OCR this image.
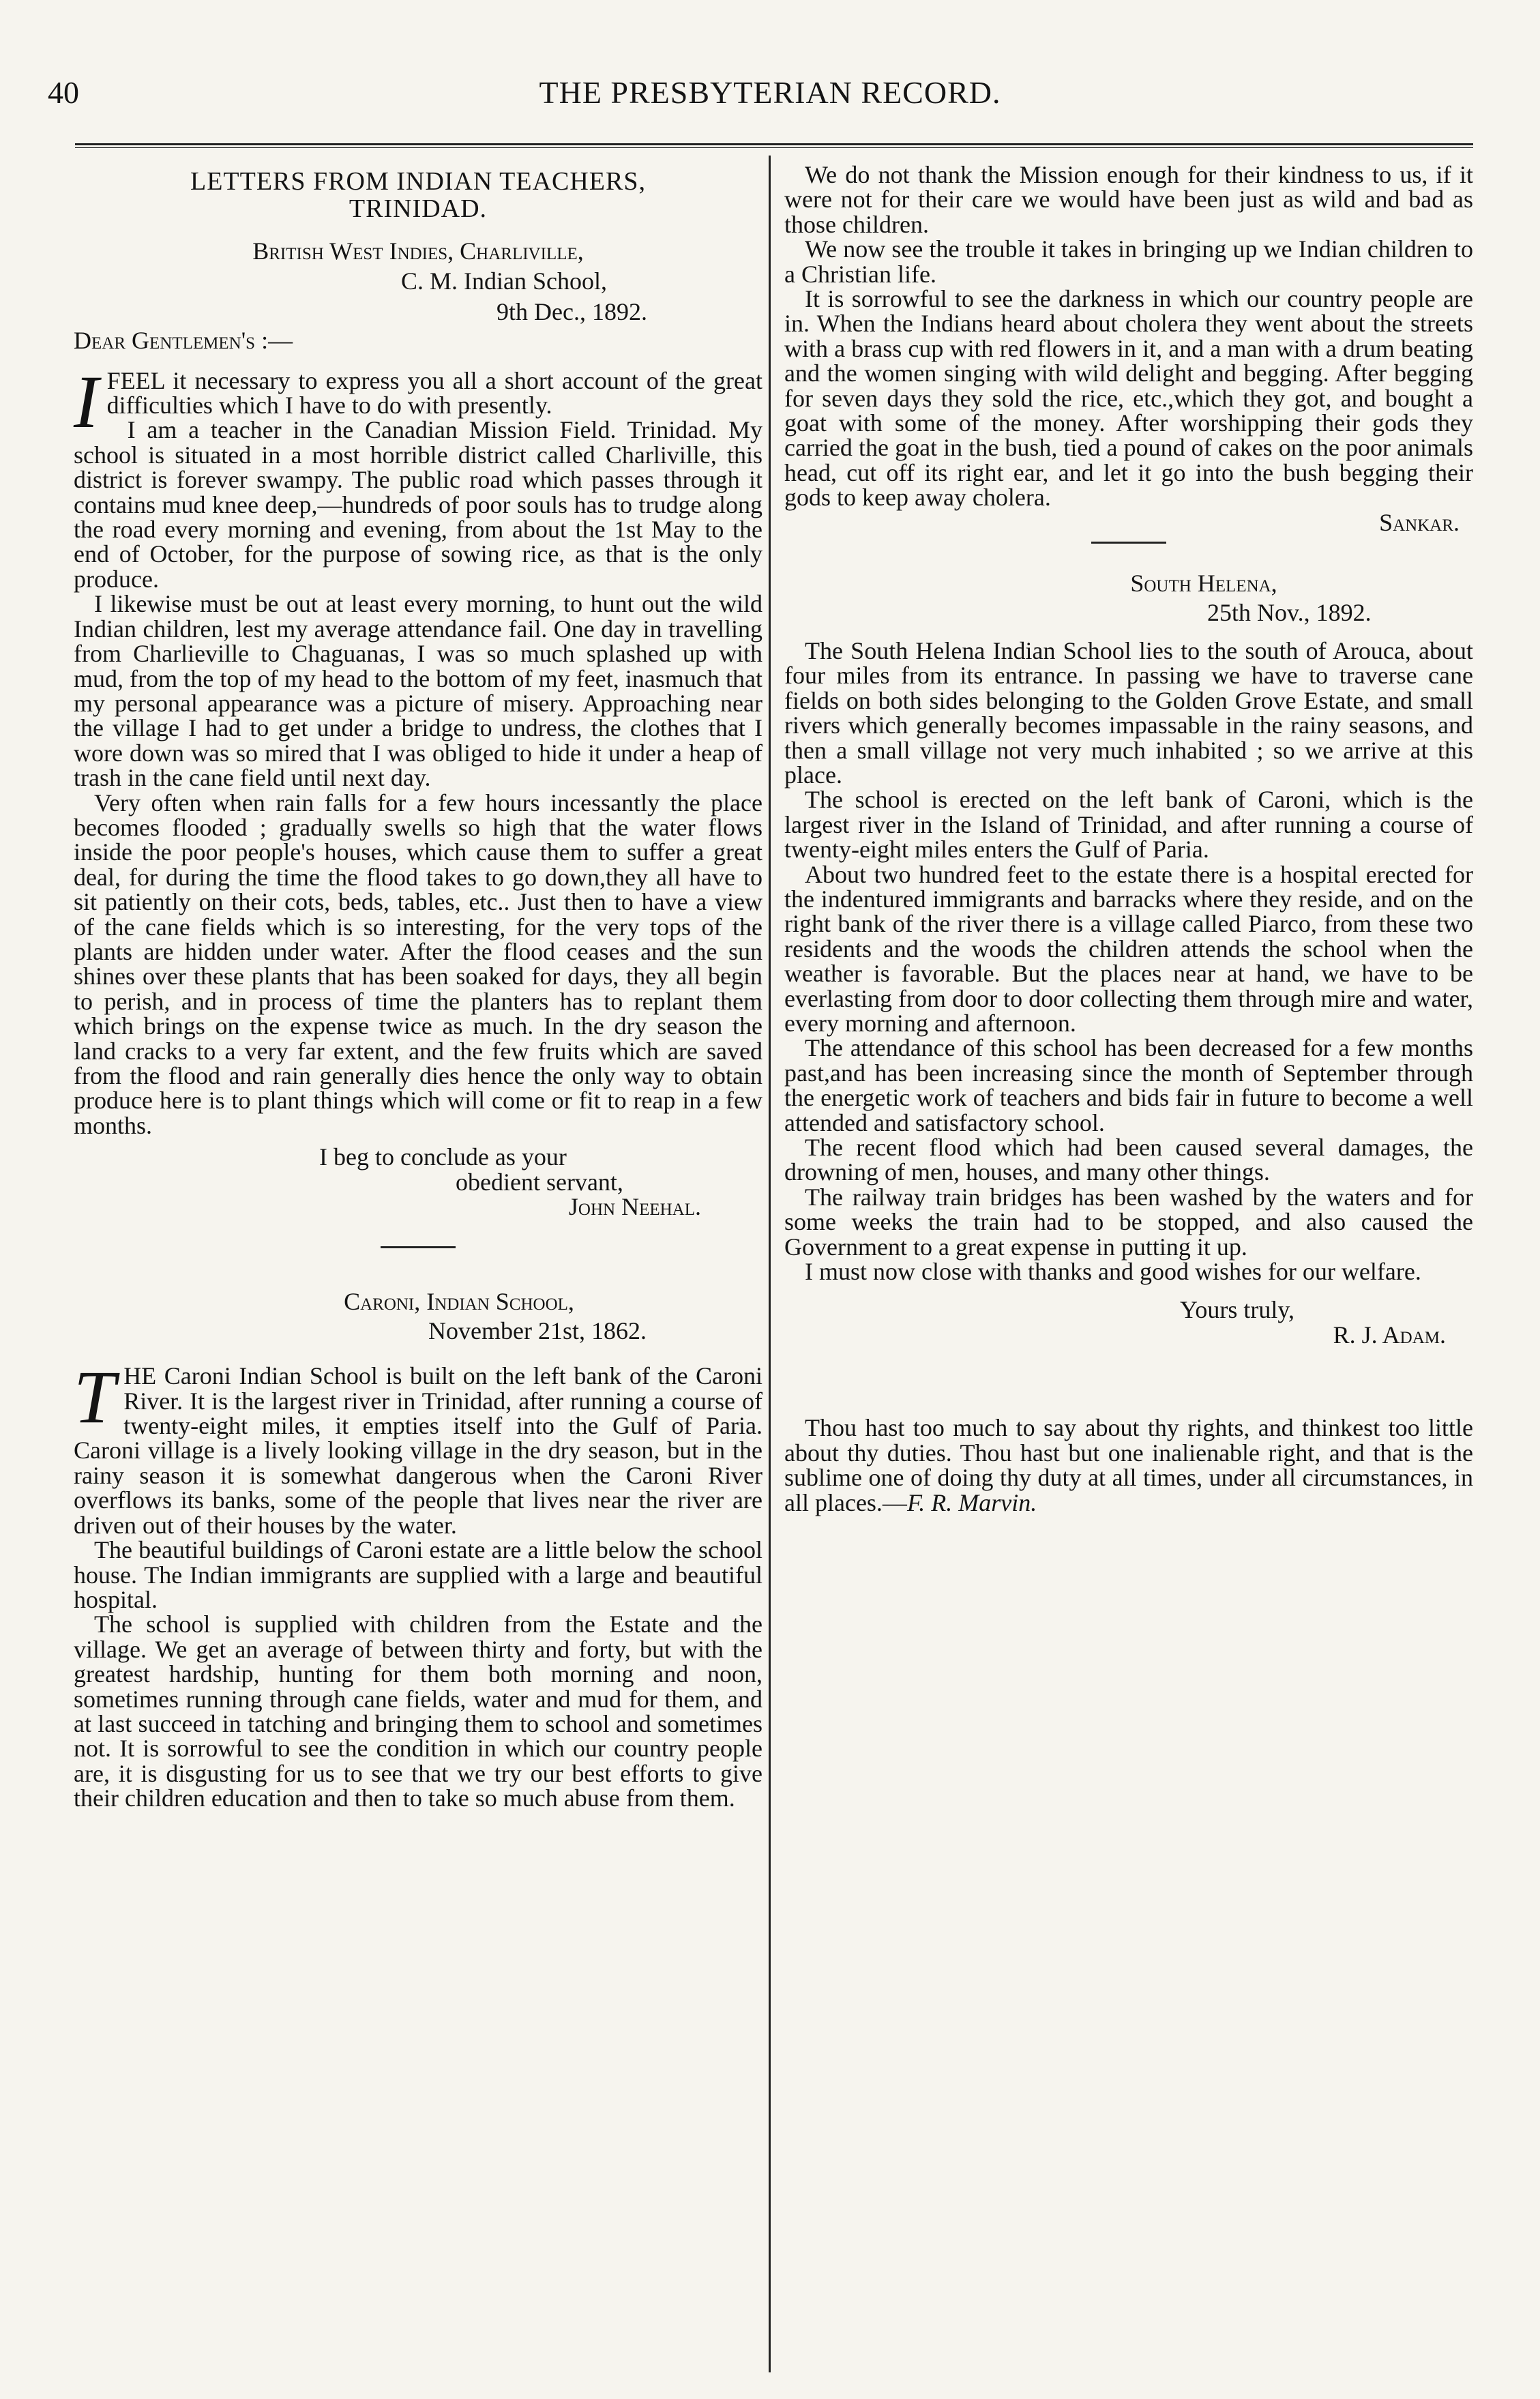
40	THE PRESBYTERIAN RECORD.
LETTERS FROM INDIAN TEACHERS,
TRINIDAD.
British West Indies, Charliville,
C. M. Indian School,
9th Dec., 1892.
Dear Gentlemen's :—

IFEEL it necessary to express you all a short account of the great difficulties which I have to do with presently.

I am a teacher in the Canadian Mission Field. Trinidad. My school is situated in a most horrible district called Charliville, this district is forever swampy. The public road which passes through it contains mud knee deep,—hundreds of poor souls has to trudge along the road every morning and evening, from about the 1st May to the end of October, for the purpose of sowing rice, as that is the only produce.

I likewise must be out at least every morning, to hunt out the wild Indian children, lest my average attendance fail. One day in travelling from Charlieville to Chaguanas, I was so much splashed up with mud, from the top of my head to the bottom of my feet, inasmuch that my personal appearance was a picture of misery. Approaching near the village I had to get under a bridge to undress, the clothes that I wore down was so mired that I was obliged to hide it under a heap of trash in the cane field until next day.

Very often when rain falls for a few hours incessantly the place becomes flooded ; gradually swells so high that the water flows inside the poor people's houses, which cause them to suffer a great deal, for during the time the flood takes to go down,they all have to sit patiently on their cots, beds, tables, etc.. Just then to have a view of the cane fields which is so interesting, for the very tops of the plants are hidden under water. After the flood ceases and the sun shines over these plants that has been soaked for days, they all begin to perish, and in process of time the planters has to replant them which brings on the expense twice as much. In the dry season the land cracks to a very far extent, and the few fruits which are saved from the flood and rain generally dies hence the only way to obtain produce here is to plant things which will come or fit to reap in a few months.

I beg to conclude as your
obedient servant,
John Neehal.
Caroni, Indian School,
November 21st, 1862.

THE Caroni Indian School is built on the left bank of the Caroni River. It is the largest river in Trinidad, after running a course of twenty-eight miles, it empties itself into the Gulf of Paria. Caroni village is a lively looking village in the dry season, but in the rainy season it is somewhat dangerous when the Caroni River overflows its banks, some of the people that lives near the river are driven out of their houses by the water.

The beautiful buildings of Caroni estate are a little below the school house. The Indian immigrants are supplied with a large and beautiful hospital.

The school is supplied with children from the Estate and the village. We get an average of between thirty and forty, but with the greatest hardship, hunting for them both morning and noon, sometimes running through cane fields, water and mud for them, and at last succeed in tatching and bringing them to school and sometimes not. It is sorrowful to see the condition in which our country people are, it is disgusting for us to see that we try our best efforts to give their children education and then to take so much abuse from them.

We do not thank the Mission enough for their kindness to us, if it were not for their care we would have been just as wild and bad as those children.

We now see the trouble it takes in bringing up we Indian children to a Christian life.

It is sorrowful to see the darkness in which our country people are in. When the Indians heard about cholera they went about the streets with a brass cup with red flowers in it, and a man with a drum beating and the women singing with wild delight and begging. After begging for seven days they sold the rice, etc.,which they got, and bought a goat with some of the money. After worshipping their gods they carried the goat in the bush, tied a pound of cakes on the poor animals head, cut off its right ear, and let it go into the bush begging their gods to keep away cholera.

Sankar.
South Helena,
25th Nov., 1892.

The South Helena Indian School lies to the south of Arouca, about four miles from its entrance. In passing we have to traverse cane fields on both sides belonging to the Golden Grove Estate, and small rivers which generally becomes impassable in the rainy seasons, and then a small village not very much inhabited ; so we arrive at this place.

The school is erected on the left bank of Caroni, which is the largest river in the Island of Trinidad, and after running a course of twenty-eight miles enters the Gulf of Paria.

About two hundred feet to the estate there is a hospital erected for the indentured immigrants and barracks where they reside, and on the right bank of the river there is a village called Piarco, from these two residents and the woods the children attends the school when the weather is favorable. But the places near at hand, we have to be everlasting from door to door collecting them through mire and water, every morning and afternoon.

The attendance of this school has been decreased for a few months past,and has been increasing since the month of September through the energetic work of teachers and bids fair in future to become a well attended and satisfactory school.

The recent flood which had been caused several damages, the drowning of men, houses, and many other things.

The railway train bridges has been washed by the waters and for some weeks the train had to be stopped, and also caused the Government to a great expense in putting it up.

I must now close with thanks and good wishes for our welfare.

Yours truly,
R. J. Adam.

Thou hast too much to say about thy rights, and thinkest too little about thy duties. Thou hast but one inalienable right, and that is the sublime one of doing thy duty at all times, under all circumstances, in all places.—F. R. Marvin.
